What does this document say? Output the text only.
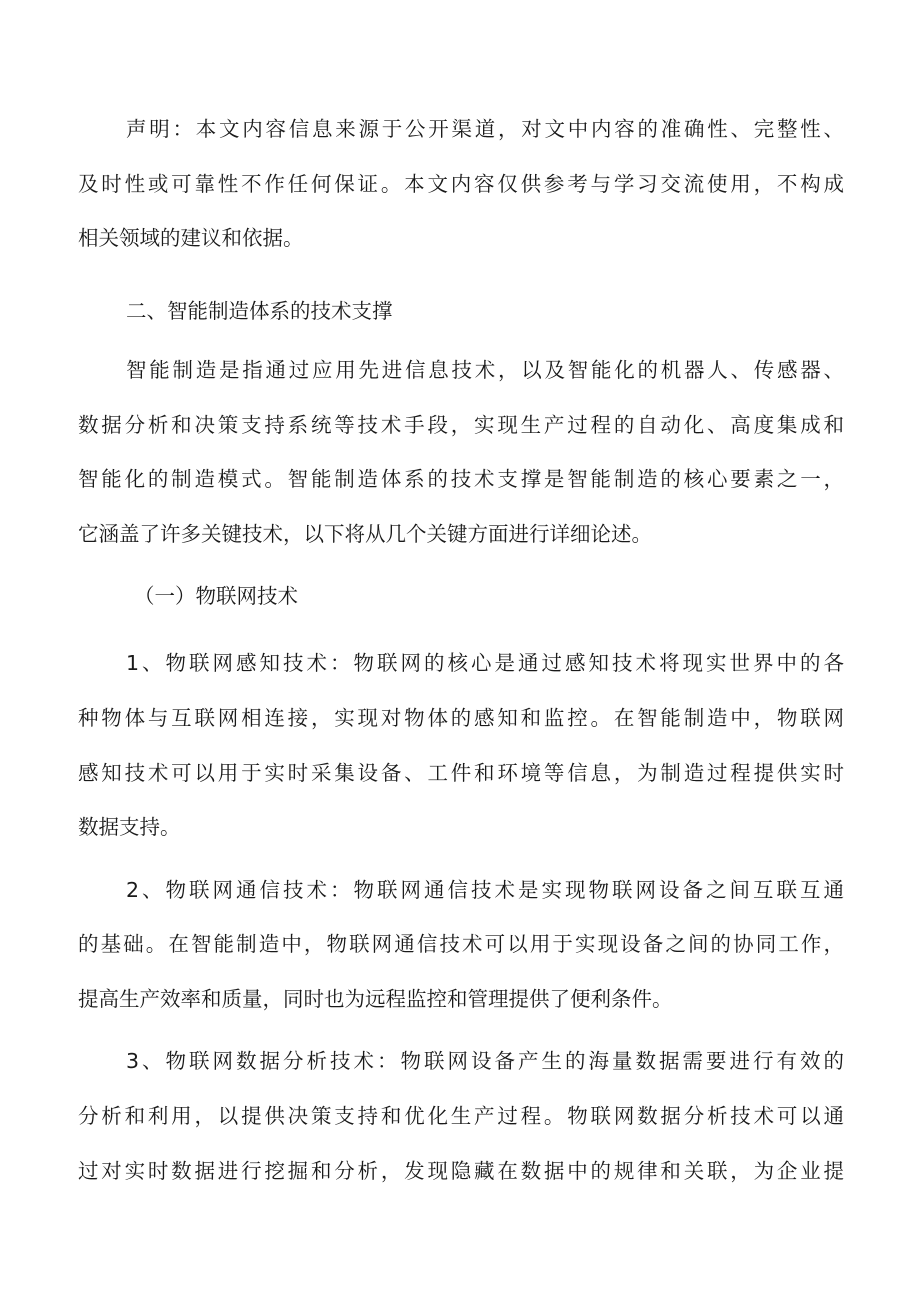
声明：本文内容信息来源于公开渠道，对文中内容的准确性、完整性、
及时性或可靠性不作任何保证。本文内容仅供参考与学习交流使用，不构成
相关领域的建议和依据。
二、智能制造体系的技术支撑
智能制造是指通过应用先进信息技术，以及智能化的机器人、传感器、
数据分析和决策支持系统等技术手段，实现生产过程的自动化、高度集成和
智能化的制造模式。智能制造体系的技术支撑是智能制造的核心要素之一，
它涵盖了许多关键技术，以下将从几个关键方面进行详细论述。
（一）物联网技术
1、物联网感知技术：物联网的核心是通过感知技术将现实世界中的各
种物体与互联网相连接，实现对物体的感知和监控。在智能制造中，物联网
感知技术可以用于实时采集设备、工件和环境等信息，为制造过程提供实时
数据支持。
2、物联网通信技术：物联网通信技术是实现物联网设备之间互联互通
的基础。在智能制造中，物联网通信技术可以用于实现设备之间的协同工作，
提高生产效率和质量，同时也为远程监控和管理提供了便利条件。
3、物联网数据分析技术：物联网设备产生的海量数据需要进行有效的
分析和利用，以提供决策支持和优化生产过程。物联网数据分析技术可以通
过对实时数据进行挖掘和分析，发现隐藏在数据中的规律和关联，为企业提
